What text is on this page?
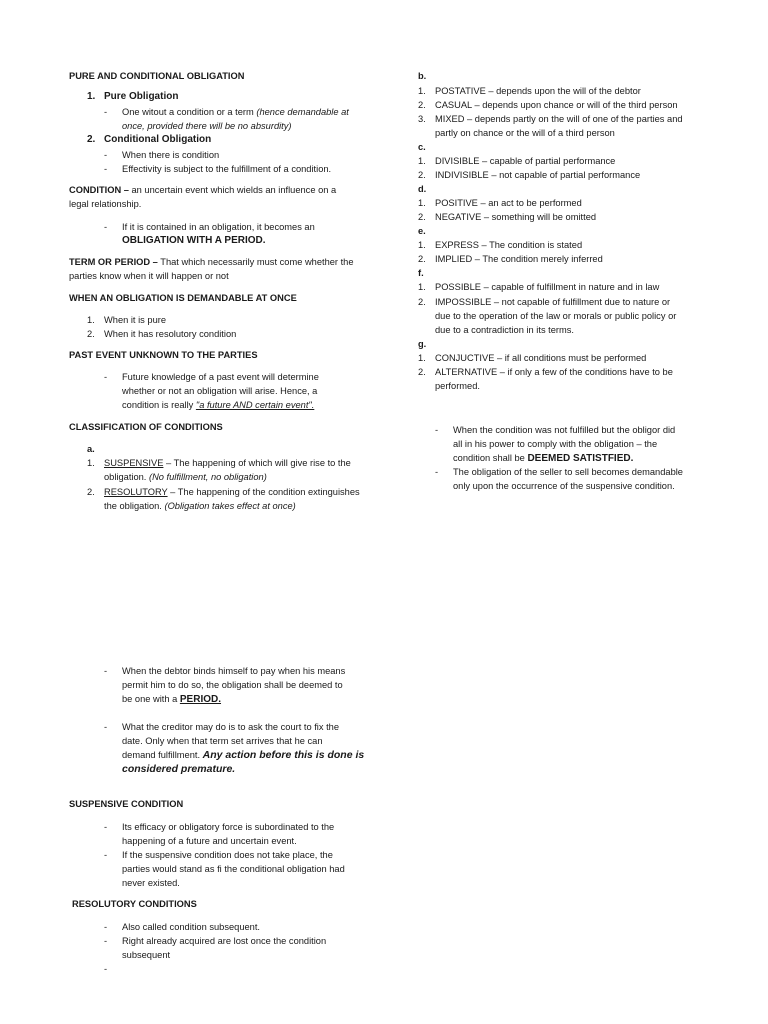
PURE AND CONDITIONAL OBLIGATION
1. Pure Obligation
-	One witout a condition or a term (hence demandable at
once, provided there will be no absurdity)
2. Conditional Obligation
-	When there is condition
-	Effectivity is subject to the fulfillment of a condition.
CONDITION – an uncertain event which wields an influence on a
legal relationship.
-	If it is contained in an obligation, it becomes an
OBLIGATION WITH A PERIOD.
TERM OR PERIOD – That which necessarily must come whether the
parties know when it will happen or not
WHEN AN OBLIGATION IS DEMANDABLE AT ONCE
1. When it is pure
2. When it has resolutory condition
PAST EVENT UNKNOWN TO THE PARTIES
-	Future knowledge of a past event will determine
whether or not an obligation will arise. Hence, a
condition is really "a future AND certain event".
CLASSIFICATION OF CONDITIONS
a.
1. SUSPENSIVE – The happening of which will give rise to the
obligation. (No fulfillment, no obligation)
2. RESOLUTORY – The happening of the condition extinguishes
the obligation. (Obligation takes effect at once)
-	When the debtor binds himself to pay when his means
permit him to do so, the obligation shall be deemed to
be one with a PERIOD.
-	What the creditor may do is to ask the court to fix the
date. Only when that term set arrives that he can
demand fulfillment. Any action before this is done is
considered premature.
SUSPENSIVE CONDITION
-	Its efficacy or obligatory force is subordinated to the
happening of a future and uncertain event.
-	If the suspensive condition does not take place, the
parties would stand as fi the conditional obligation had
never existed.
RESOLUTORY CONDITIONS
-	Also called condition subsequent.
-	Right already acquired are lost once the condition
subsequent
-
b.
1. POSTATIVE – depends upon the will of the debtor
2. CASUAL – depends upon chance or will of the third person
3. MIXED – depends partly on the will of one of the parties and
partly on chance or the will of a third person
c.
1. DIVISIBLE – capable of partial performance
2. INDIVISIBLE – not capable of partial performance
d.
1. POSITIVE – an act to be performed
2. NEGATIVE – something will be omitted
e.
1. EXPRESS – The condition is stated
2. IMPLIED – The condition merely inferred
f.
1. POSSIBLE – capable of fulfillment in nature and in law
2. IMPOSSIBLE – not capable of fulfillment due to nature or
due to the operation of the law or morals or public policy or
due to a contradiction in its terms.
g.
1. CONJUCTIVE – if all conditions must be performed
2. ALTERNATIVE – if only a few of the conditions have to be
performed.
-	When the condition was not fulfilled but the obligor did
all in his power to comply with the obligation – the
condition shall be DEEMED SATISTFIED.
-	The obligation of the seller to sell becomes demandable
only upon the occurrence of the suspensive condition.
